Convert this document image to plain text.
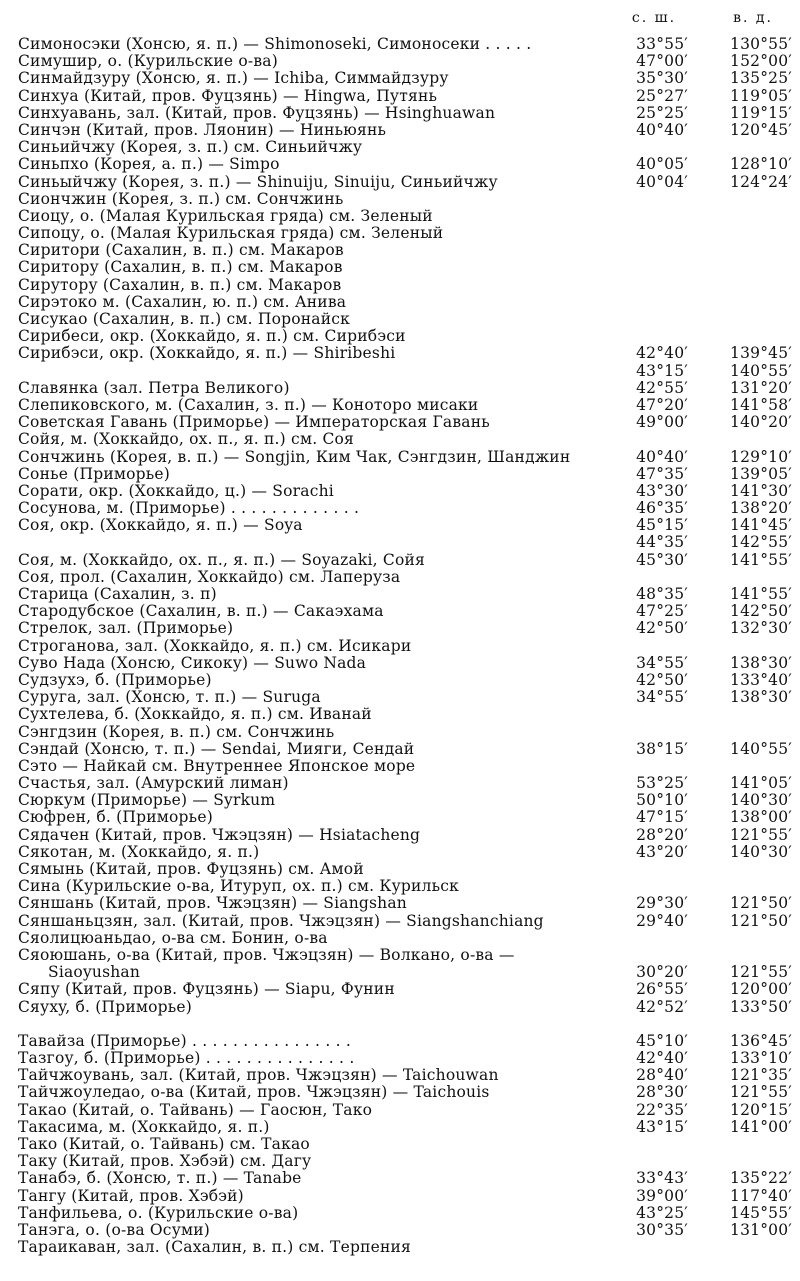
с. ш.	в. д.
Симоносэки (Хонсю, я. п.) — Shimonoseki, Симоносеки . . . . .	33°55′	130°55′
Симушир, о. (Курильские о-ва)	47°00′	152°00′
Синмайдзуру (Хонсю, я. п.) — Ichiba, Симмайдзуру	35°30′	135°25′
Синхуа (Китай, пров. Фуцзянь) — Hingwa, Путянь	25°27′	119°05′
Синхуавань, зал. (Китай, пров. Фуцзянь) — Hsinghuawan	25°25′	119°15′
Синчэн (Китай, пров. Ляонин) — Ниньюянь	40°40′	120°45′
Синьийчжу (Корея, з. п.) см. Синьийчжу
Синьпхо (Корея, а. п.) — Simpo	40°05′	128°10′
Синьыйчжу (Корея, з. п.) — Shinuiju, Sinuiju, Синьийчжу	40°04′	124°24′
Сиончжин (Корея, з. п.) см. Сончжинь
Сиоцу, о. (Малая Курильская гряда) см. Зеленый
Сипоцу, о. (Малая Курильская гряда) см. Зеленый
Сиритори (Сахалин, в. п.) см. Макаров
Сиритору (Сахалин, в. п.) см. Макаров
Сирутору (Сахалин, в. п.) см. Макаров
Сирэтоко м. (Сахалин, ю. п.) см. Анива
Сисукао (Сахалин, в. п.) см. Поронайск
Сирибеси, окр. (Хоккайдо, я. п.) см. Сирибэси
Сирибэси, окр. (Хоккайдо, я. п.) — Shiribeshi	42°40′	139°45′
43°15′	140°55′
Славянка (зал. Петра Великого)	42°55′	131°20′
Слепиковского, м. (Сахалин, з. п.) — Коноторо мисаки	47°20′	141°58′
Советская Гавань (Приморье) — Императорская Гавань	49°00′	140°20′
Сойя, м. (Хоккайдо, ох. п., я. п.) см. Соя
Сончжинь (Корея, в. п.) — Songjin, Ким Чак, Сэнгдзин, Шанджин	40°40′	129°10′
Сонье (Приморье)	47°35′	139°05′
Сорати, окр. (Хоккайдо, ц.) — Sorachi	43°30′	141°30′
Сосунова, м. (Приморье) . . . . . . . . . . . . .	46°35′	138°20′
Соя, окр. (Хоккайдо, я. п.) — Soya	45°15′	141°45′
44°35′	142°55′
Соя, м. (Хоккайдо, ох. п., я. п.) — Soyazaki, Сойя	45°30′	141°55′
Соя, прол. (Сахалин, Хоккайдо) см. Лаперуза
Старица (Сахалин, з. п)	48°35′	141°55′
Стародубское (Сахалин, в. п.) — Сакаэхама	47°25′	142°50′
Стрелок, зал. (Приморье)	42°50′	132°30′
Строганова, зал. (Хоккайдо, я. п.) см. Исикари
Суво Нада (Хонсю, Сикоку) — Suwo Nada	34°55′	138°30′
Судзухэ, б. (Приморье)	42°50′	133°40′
Суруга, зал. (Хонсю, т. п.) — Suruga	34°55′	138°30′
Сухтелева, б. (Хоккайдо, я. п.) см. Иванай
Сэнгдзин (Корея, в. п.) см. Сончжинь
Сэндай (Хонсю, т. п.) — Sendai, Мияги, Сендай	38°15′	140°55′
Сэто — Найкай см. Внутреннее Японское море
Счастья, зал. (Амурский лиман)	53°25′	141°05′
Сюркум (Приморье) — Syrkum	50°10′	140°30′
Сюфрен, б. (Приморье)	47°15′	138°00′
Сядачен (Китай, пров. Чжэцзян) — Hsiatacheng	28°20′	121°55′
Сякотан, м. (Хоккайдо, я. п.)	43°20′	140°30′
Сямынь (Китай, пров. Фуцзянь) см. Амой
Сина (Курильские о-ва, Итуруп, ох. п.) см. Курильск
Сяншань (Китай, пров. Чжэцзян) — Siangshan	29°30′	121°50′
Сяншаньцзян, зал. (Китай, пров. Чжэцзян) — Siangshanchiang	29°40′	121°50′
Сяолицюаньдао, о-ва см. Бонин, о-ва
Сяоюшань, о-ва (Китай, пров. Чжэцзян) — Волкано, о-ва —
Siaoyushan	30°20′	121°55′
Сяпу (Китай, пров. Фуцзянь) — Siapu, Фунин	26°55′	120°00′
Сяухy, б. (Приморье)	42°52′	133°50′
Тавайза (Приморье) . . . . . . . . . . . . . . . .	45°10′	136°45′
Тазгоу, б. (Приморье) . . . . . . . . . . . . . . .	42°40′	133°10′
Тайчжоувань, зал. (Китай, пров. Чжэцзян) — Taichouwan	28°40′	121°35′
Тайчжоуледао, о-ва (Китай, пров. Чжэцзян) — Taichouis	28°30′	121°55′
Такао (Китай, о. Тайвань) — Гаосюн, Тако	22°35′	120°15′
Такасима, м. (Хоккайдо, я. п.)	43°15′	141°00′
Тако (Китай, о. Тайвань) см. Такао
Таку (Китай, пров. Хэбэй) см. Дагу
Танабэ, б. (Хонсю, т. п.) — Tanabe	33°43′	135°22′
Тангу (Китай, пров. Хэбэй)	39°00′	117°40′
Танфильева, о. (Курильские о-ва)	43°25′	145°55′
Танэга, о. (о-ва Осуми)	30°35′	131°00′
Тараикаван, зал. (Сахалин, в. п.) см. Терпения
